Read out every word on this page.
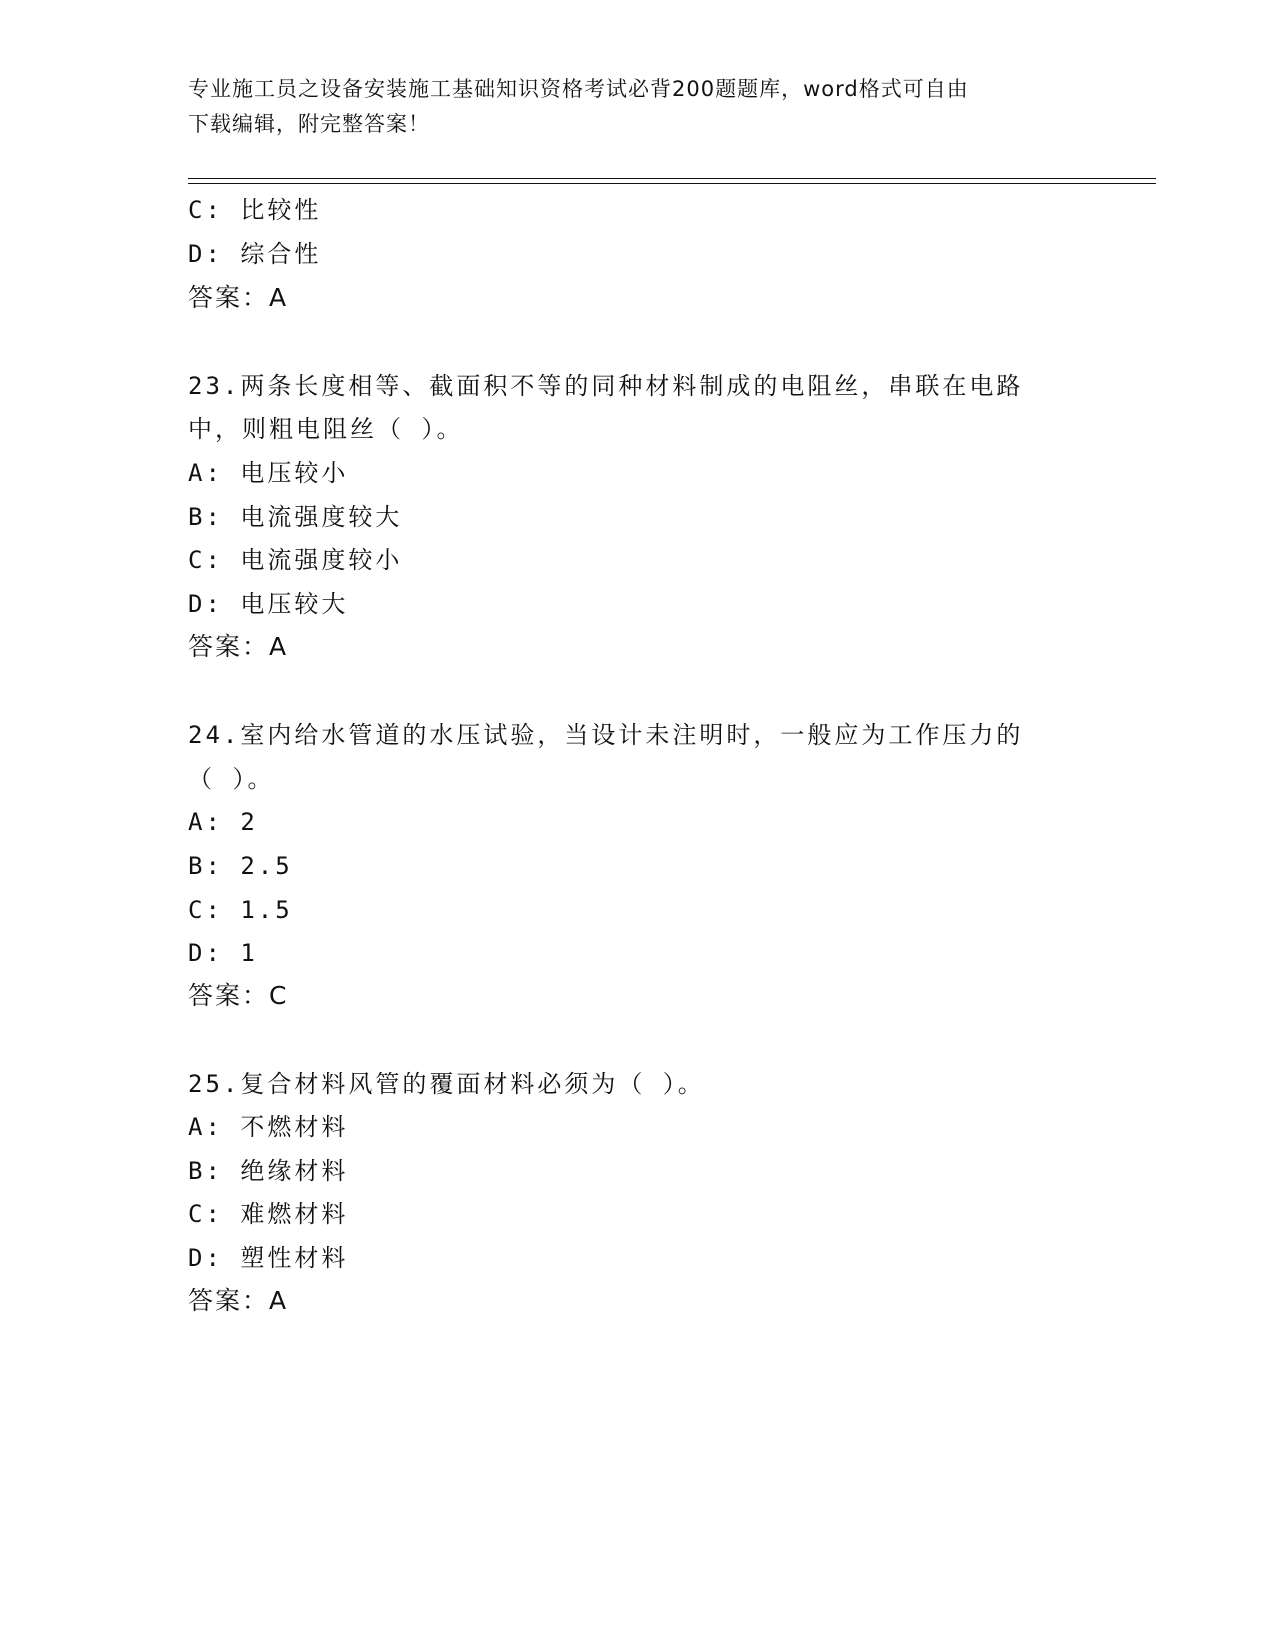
专业施工员之设备安装施工基础知识资格考试必背200题题库，word格式可自由
下载编辑，附完整答案！
C: 比较性
D: 综合性
答案：A
23.两条长度相等、截面积不等的同种材料制成的电阻丝，串联在电路
中，则粗电阻丝（ ）。
A: 电压较小
B: 电流强度较大
C: 电流强度较小
D: 电压较大
答案：A
24.室内给水管道的水压试验，当设计未注明时，一般应为工作压力的
（ ）。
A: 2
B: 2.5
C: 1.5
D: 1
答案：C
25.复合材料风管的覆面材料必须为（ ）。
A: 不燃材料
B: 绝缘材料
C: 难燃材料
D: 塑性材料
答案：A
